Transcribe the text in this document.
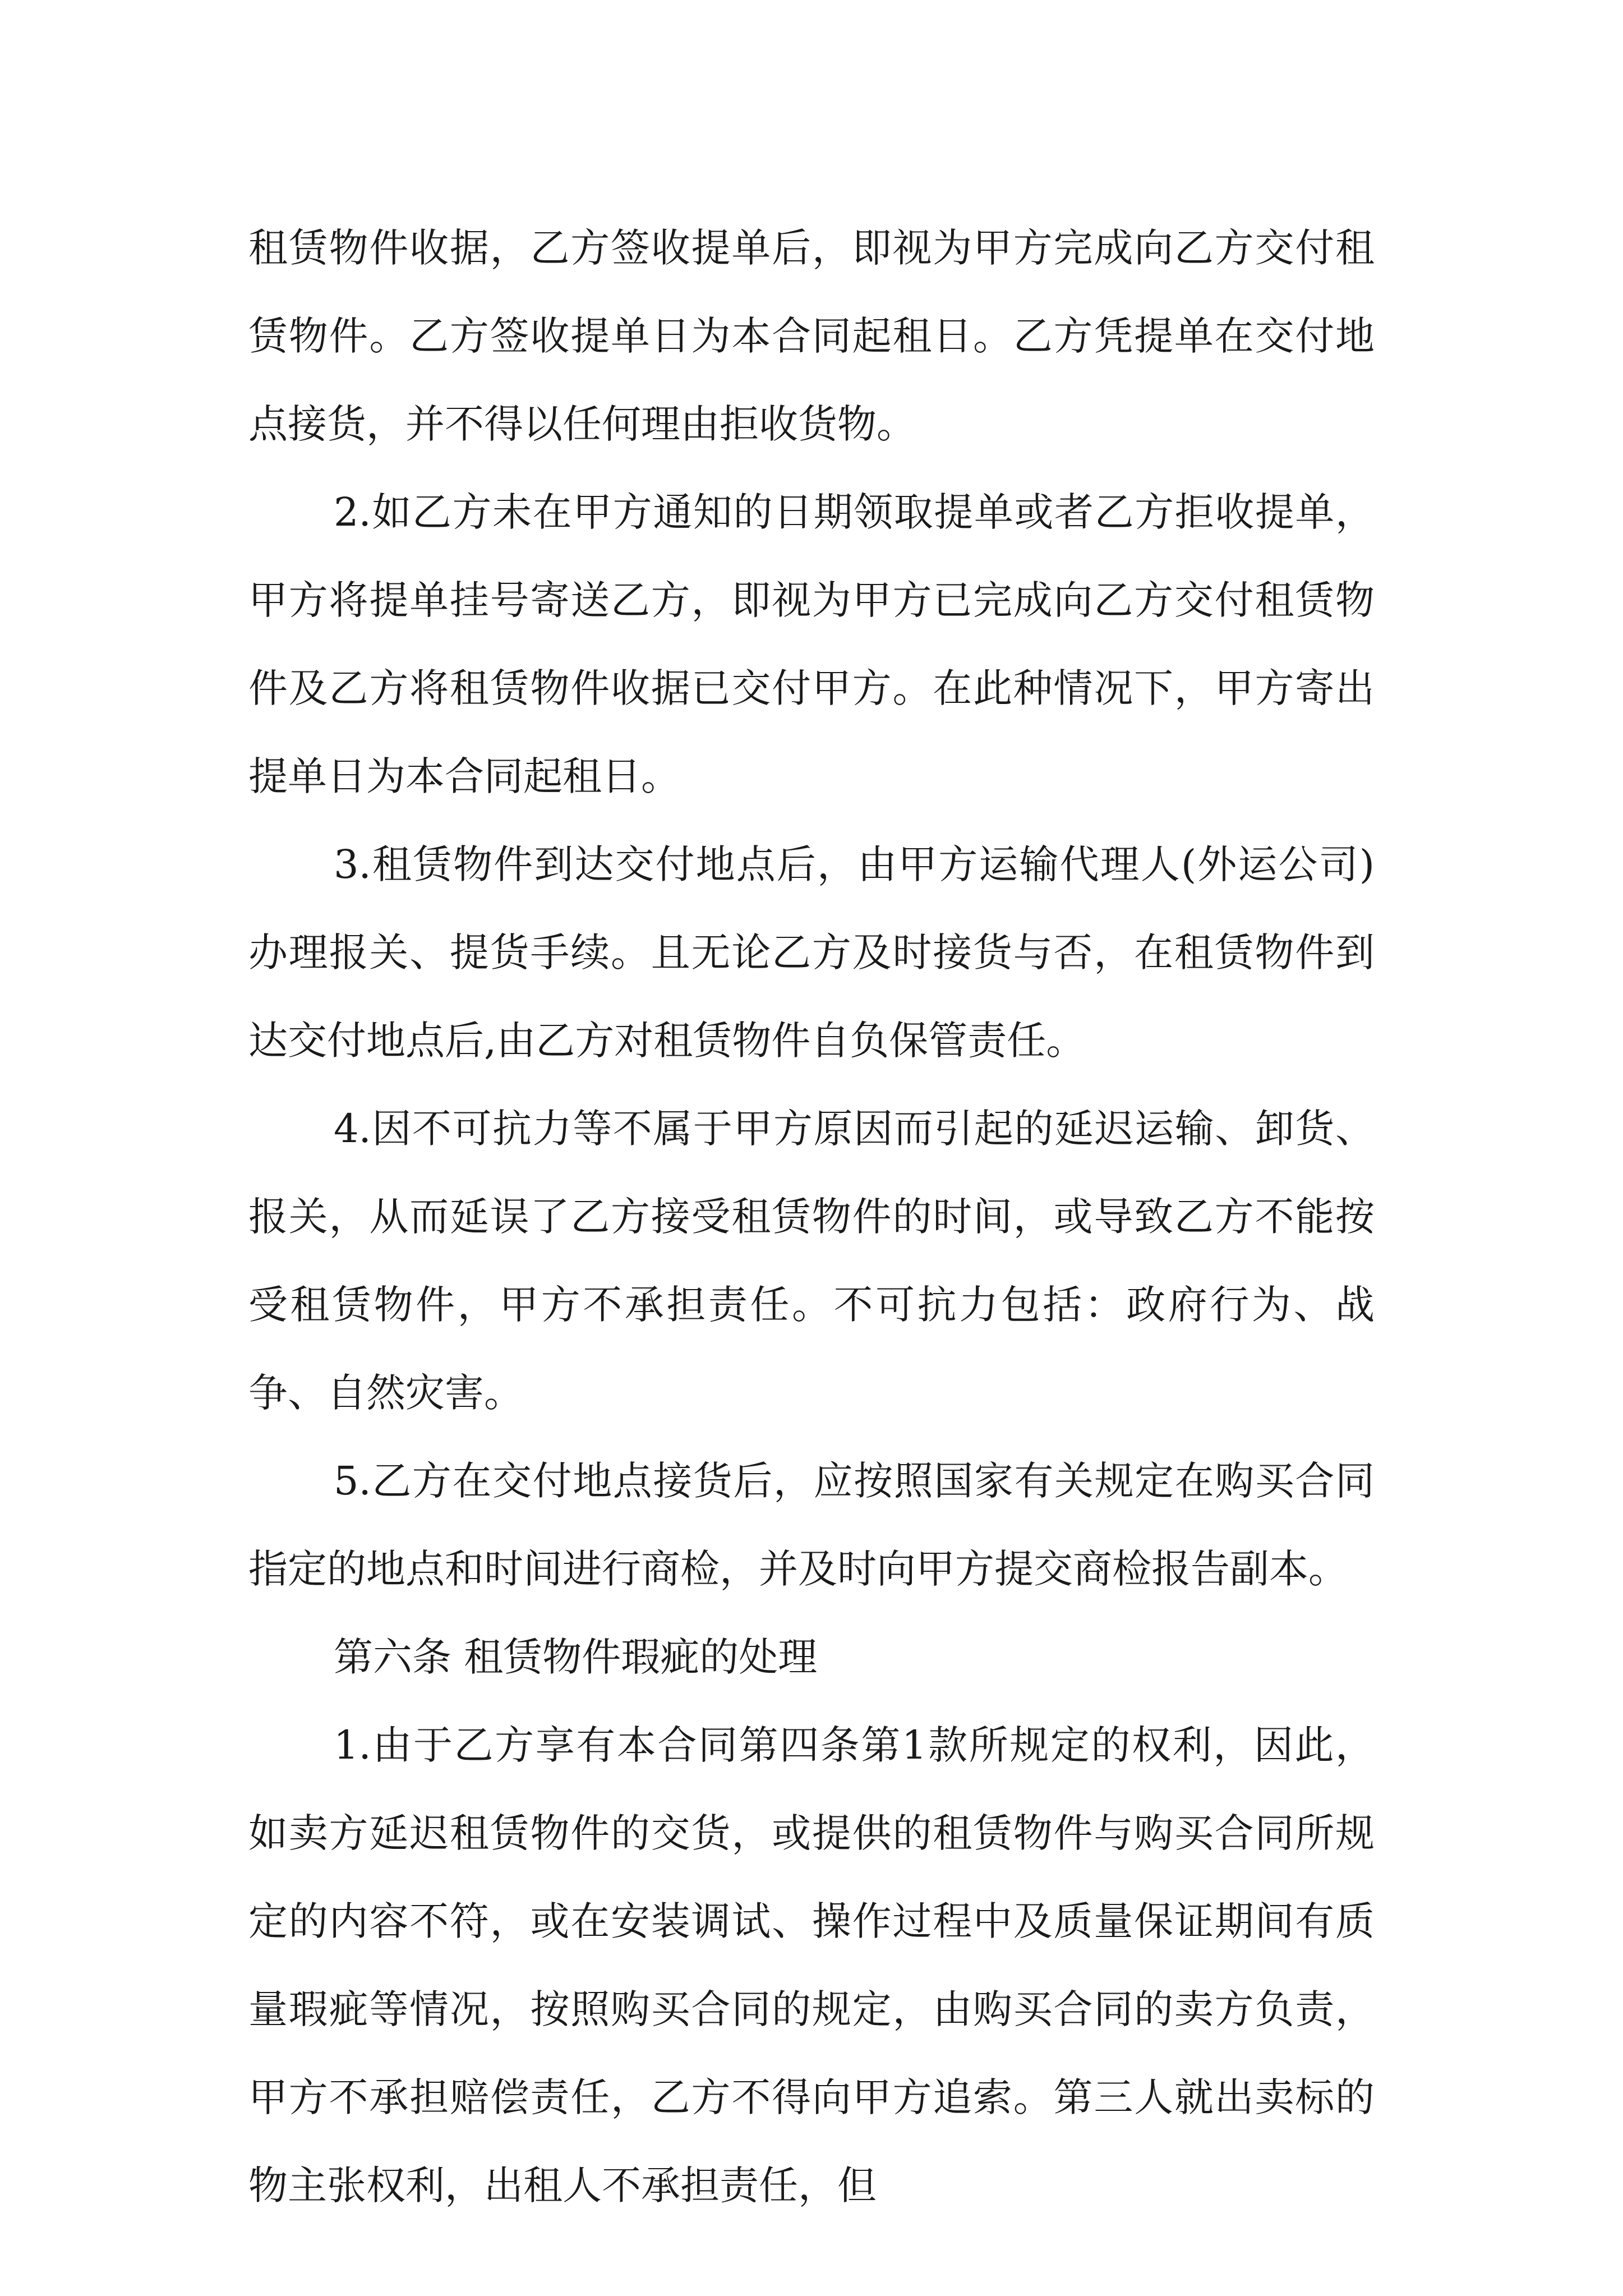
租赁物件收据，乙方签收提单后，即视为甲方完成向乙方交付租赁物件。乙方签收提单日为本合同起租日。乙方凭提单在交付地点接货，并不得以任何理由拒收货物。

2.如乙方未在甲方通知的日期领取提单或者乙方拒收提单，甲方将提单挂号寄送乙方，即视为甲方已完成向乙方交付租赁物件及乙方将租赁物件收据已交付甲方。在此种情况下，甲方寄出提单日为本合同起租日。

3.租赁物件到达交付地点后，由甲方运输代理人(外运公司)办理报关、提货手续。且无论乙方及时接货与否，在租赁物件到达交付地点后,由乙方对租赁物件自负保管责任。

4.因不可抗力等不属于甲方原因而引起的延迟运输、卸货、报关，从而延误了乙方接受租赁物件的时间，或导致乙方不能按受租赁物件，甲方不承担责任。不可抗力包括：政府行为、战争、自然灾害。

5.乙方在交付地点接货后，应按照国家有关规定在购买合同指定的地点和时间进行商检，并及时向甲方提交商检报告副本。

第六条 租赁物件瑕疵的处理

1.由于乙方享有本合同第四条第1款所规定的权利，因此，如卖方延迟租赁物件的交货，或提供的租赁物件与购买合同所规定的内容不符，或在安装调试、操作过程中及质量保证期间有质量瑕疵等情况，按照购买合同的规定，由购买合同的卖方负责，甲方不承担赔偿责任，乙方不得向甲方追索。第三人就出卖标的物主张权利，出租人不承担责任，但
